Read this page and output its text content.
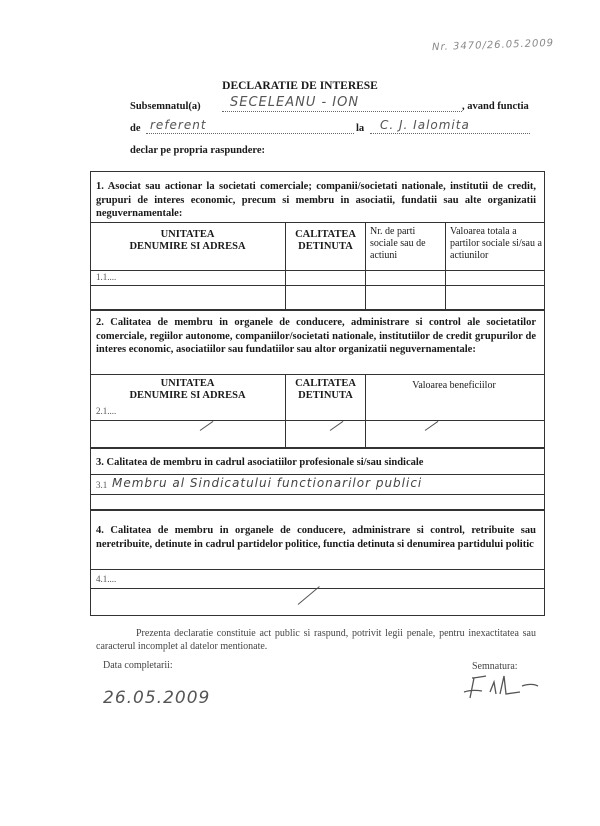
Nr. 3470/26.05.2009
DECLARATIE DE INTERESE
Subsemnatul(a) SECELEANU - ION	, avand functia
de referent	la C. J. Ialomita
declar pe propria raspundere:
1. Asociat sau actionar la societati comerciale; companii/societati nationale, institutii de credit, grupuri de interes economic, precum si membru in asociatii, fundatii sau alte organizatii neguvernamentale:
UNITATEA
DENUMIRE SI ADRESA
CALITATEA
DETINUTA
Nr. de parti sociale sau de actiuni
Valoarea totala a partilor sociale si/sau a actiunilor
1.1....
2. Calitatea de membru in organele de conducere, administrare si control ale societatilor comerciale, regiilor autonome, companiilor/societati nationale, institutiilor de credit grupurilor de interes economic, asociatiilor sau fundatiilor sau altor organizatii neguvernamentale:
UNITATEA
DENUMIRE SI ADRESA
CALITATEA
DETINUTA
Valoarea beneficiilor
2.1....
3. Calitatea de membru in cadrul asociatiilor profesionale si/sau sindicale
3.1 Membru al Sindicatului functionarilor publici
4. Calitatea de membru in organele de conducere, administrare si control, retribuite sau neretribuite, detinute in cadrul partidelor politice, functia detinuta si denumirea partidului politic
4.1....
Prezenta declaratie constituie act public si raspund, potrivit legii penale, pentru inexactitatea sau caracterul incomplet al datelor mentionate.
Data completarii:
26.05.2009
Semnatura:
